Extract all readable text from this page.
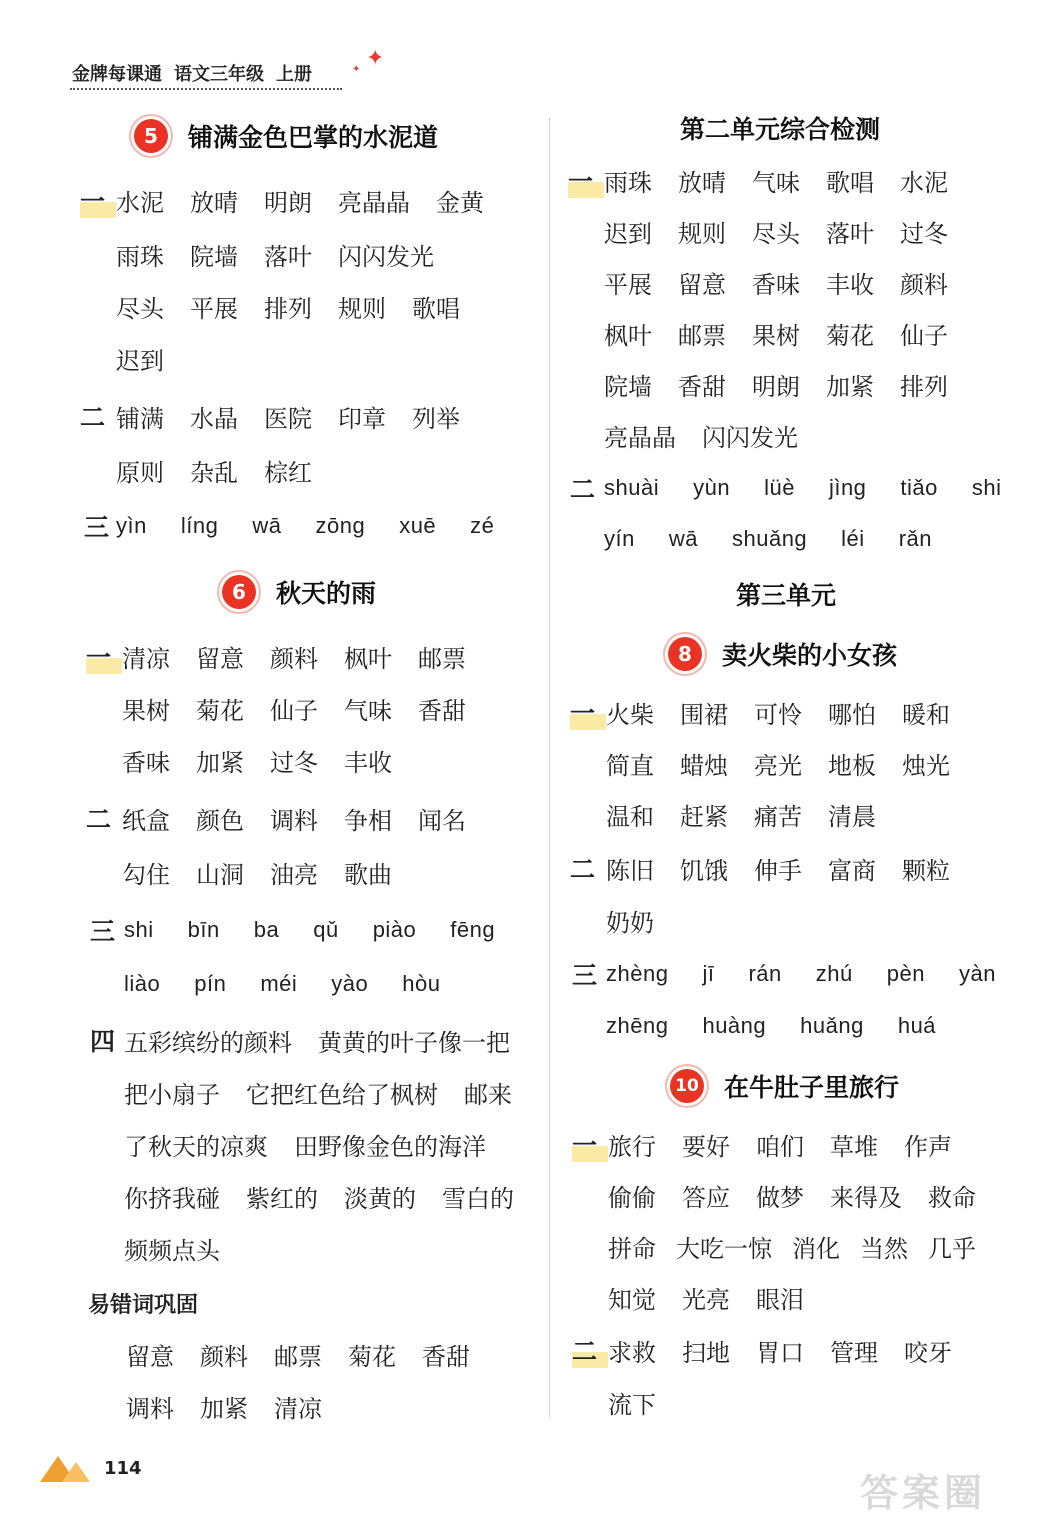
金牌每课通 语文三年级 上册
✦
✦
5	铺满金色巴掌的水泥道
一 水泥 放晴 明朗 亮晶晶 金黄
雨珠 院墙 落叶 闪闪发光
尽头 平展 排列 规则 歌唱
迟到
二 铺满 水晶 医院 印章 列举
原则 杂乱 棕红
三 yìn líng wā zōng xuē zé
6	秋天的雨
一 清凉 留意 颜料 枫叶 邮票
果树 菊花 仙子 气味 香甜
香味 加紧 过冬 丰收
二 纸盒 颜色 调料 争相 闻名
勾住 山洞 油亮 歌曲
三 shi bīn ba qǔ piào fēng
liào pín méi yào hòu
四 五彩缤纷的颜料 黄黄的叶子像一把
把小扇子 它把红色给了枫树 邮来
了秋天的凉爽 田野像金色的海洋
你挤我碰 紫红的 淡黄的 雪白的
频频点头
易错词巩固
留意 颜料 邮票 菊花 香甜
调料 加紧 清凉
第二单元综合检测
一 雨珠 放晴 气味 歌唱 水泥
迟到 规则 尽头 落叶 过冬
平展 留意 香味 丰收 颜料
枫叶 邮票 果树 菊花 仙子
院墙 香甜 明朗 加紧 排列
亮晶晶 闪闪发光
二 shuài yùn lüè jìng tiǎo shi
yín wā shuǎng léi rǎn
第三单元
8	卖火柴的小女孩
一 火柴 围裙 可怜 哪怕 暖和
简直 蜡烛 亮光 地板 烛光
温和 赶紧 痛苦 清晨
二 陈旧 饥饿 伸手 富商 颗粒
奶奶
三 zhèng jī rán zhú pèn yàn
zhēng huàng huǎng huá
10 在牛肚子里旅行
一 旅行 要好 咱们 草堆 作声
偷偷 答应 做梦 来得及 救命
拼命 大吃一惊 消化 当然 几乎
知觉 光亮 眼泪
二 求救 扫地 胃口 管理 咬牙
流下
114
答案圈
